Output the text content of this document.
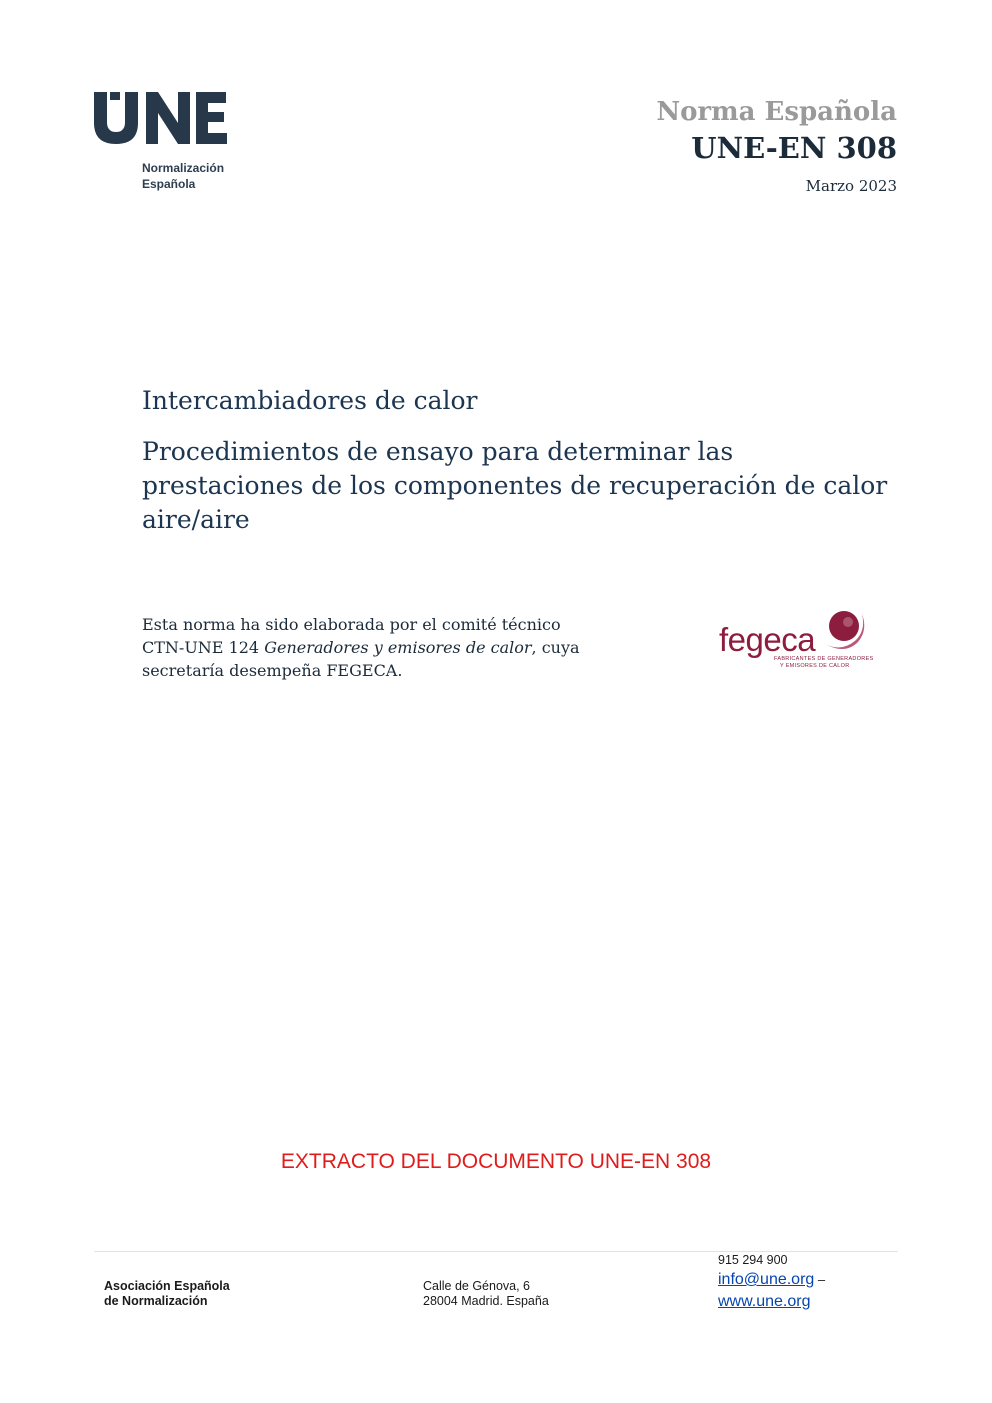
Normalización
Española
Norma Española
UNE-EN 308
Marzo 2023
Intercambiadores de calor
Procedimientos de ensayo para determinar las prestaciones de los componentes de recuperación de calor aire/aire
Esta norma ha sido elaborada por el comité técnico
CTN-UNE 124 Generadores y emisores de calor, cuya
secretaría desempeña FEGECA.
fegeca
FABRICANTES DE GENERADORES
Y EMISORES DE CALOR
EXTRACTO DEL DOCUMENTO UNE-EN 308
Asociación Española
de Normalización
Calle de Génova, 6
28004 Madrid. España
915 294 900
info@une.org –
www.une.org
